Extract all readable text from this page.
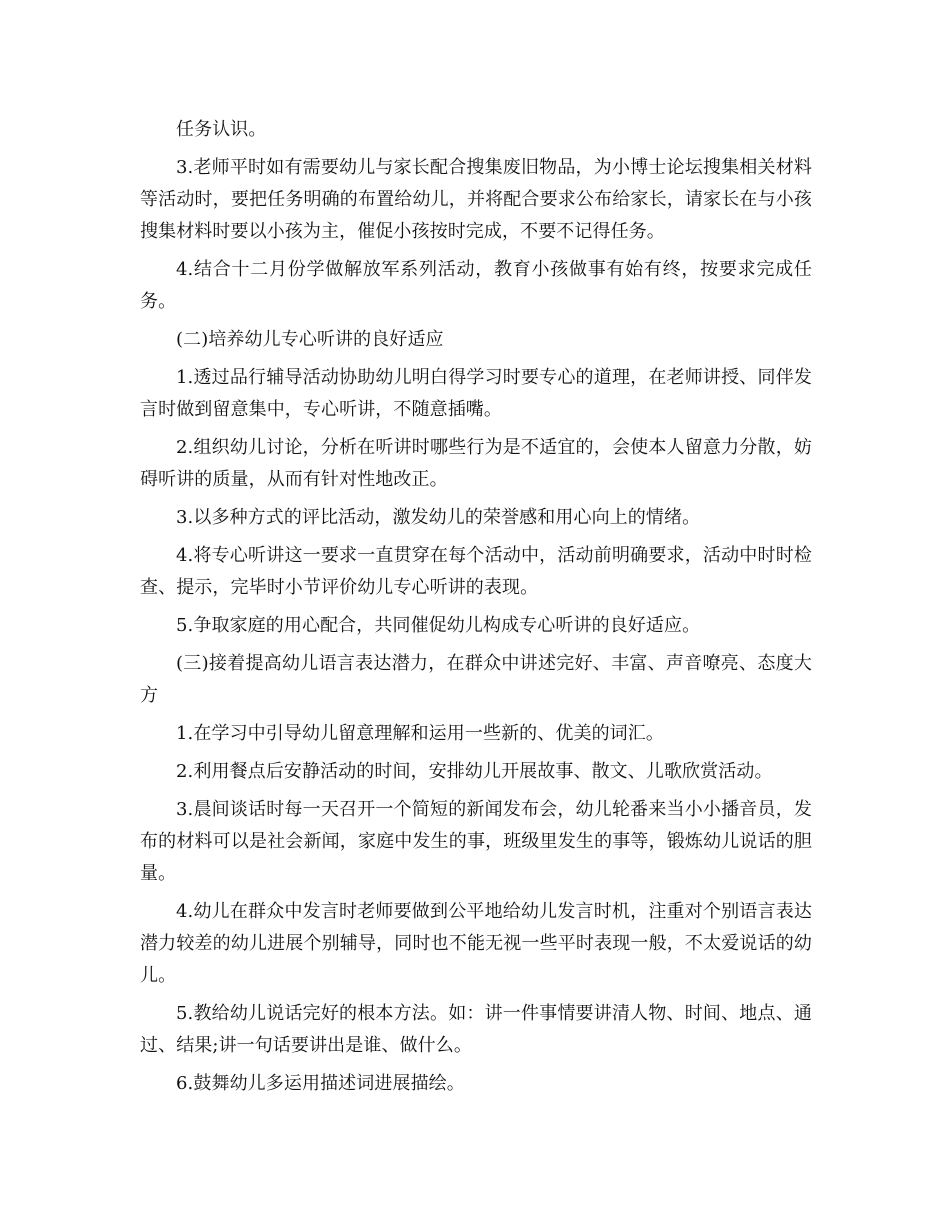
任务认识。

3.老师平时如有需要幼儿与家长配合搜集废旧物品，为小博士论坛搜集相关材料等活动时，要把任务明确的布置给幼儿，并将配合要求公布给家长，请家长在与小孩搜集材料时要以小孩为主，催促小孩按时完成，不要不记得任务。

4.结合十二月份学做解放军系列活动，教育小孩做事有始有终，按要求完成任务。

(二)培养幼儿专心听讲的良好适应

1.透过品行辅导活动协助幼儿明白得学习时要专心的道理，在老师讲授、同伴发言时做到留意集中，专心听讲，不随意插嘴。

2.组织幼儿讨论，分析在听讲时哪些行为是不适宜的，会使本人留意力分散，妨碍听讲的质量，从而有针对性地改正。

3.以多种方式的评比活动，激发幼儿的荣誉感和用心向上的情绪。

4.将专心听讲这一要求一直贯穿在每个活动中，活动前明确要求，活动中时时检查、提示，完毕时小节评价幼儿专心听讲的表现。

5.争取家庭的用心配合，共同催促幼儿构成专心听讲的良好适应。

(三)接着提高幼儿语言表达潜力，在群众中讲述完好、丰富、声音嘹亮、态度大方

1.在学习中引导幼儿留意理解和运用一些新的、优美的词汇。

2.利用餐点后安静活动的时间，安排幼儿开展故事、散文、儿歌欣赏活动。

3.晨间谈话时每一天召开一个简短的新闻发布会，幼儿轮番来当小小播音员，发布的材料可以是社会新闻，家庭中发生的事，班级里发生的事等，锻炼幼儿说话的胆量。

4.幼儿在群众中发言时老师要做到公平地给幼儿发言时机，注重对个别语言表达潜力较差的幼儿进展个别辅导，同时也不能无视一些平时表现一般，不太爱说话的幼儿。

5.教给幼儿说话完好的根本方法。如：讲一件事情要讲清人物、时间、地点、通过、结果;讲一句话要讲出是谁、做什么。

6.鼓舞幼儿多运用描述词进展描绘。
